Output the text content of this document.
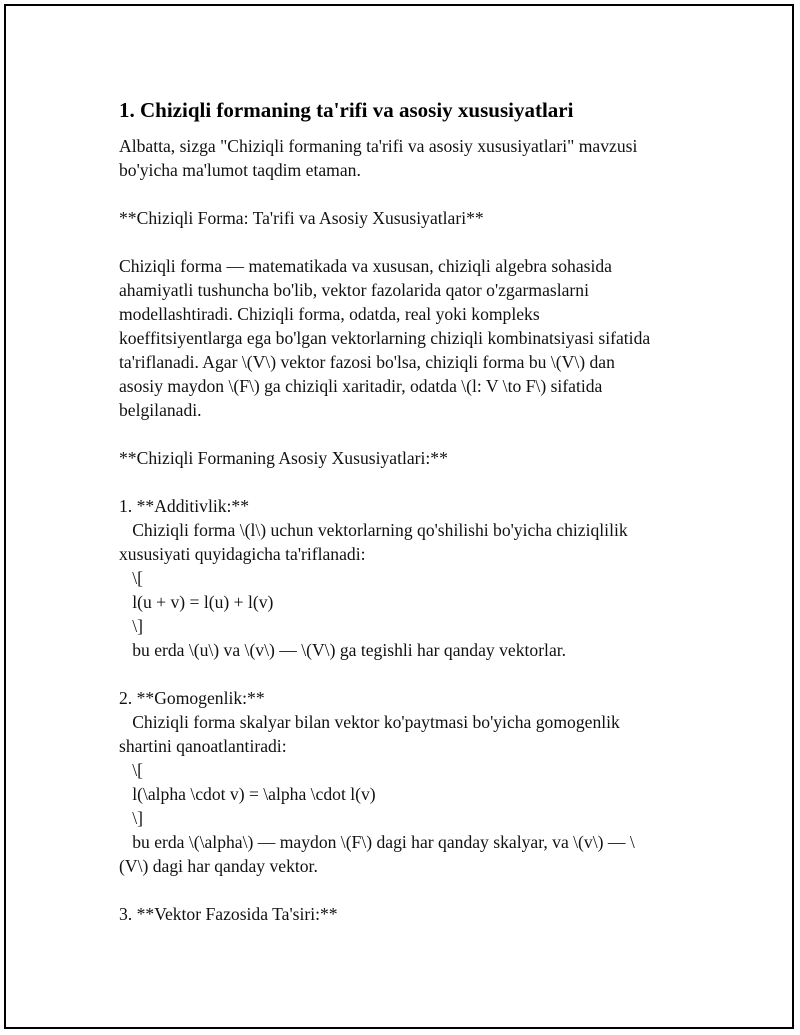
1. Chiziqli formaning ta'rifi va asosiy xususiyatlari
Albatta, sizga "Chiziqli formaning ta'rifi va asosiy xususiyatlari" mavzusi
bo'yicha ma'lumot taqdim etaman.
**Chiziqli Forma: Ta'rifi va Asosiy Xususiyatlari**
Chiziqli forma — matematikada va xususan, chiziqli algebra sohasida
ahamiyatli tushuncha bo'lib, vektor fazolarida qator o'zgarmaslarni
modellashtiradi. Chiziqli forma, odatda, real yoki kompleks
koeffitsiyentlarga ega bo'lgan vektorlarning chiziqli kombinatsiyasi sifatida
ta'riflanadi. Agar \(V\) vektor fazosi bo'lsa, chiziqli forma bu \(V\) dan
asosiy maydon \(F\) ga chiziqli xaritadir, odatda \(l: V \to F\) sifatida
belgilanadi.
**Chiziqli Formaning Asosiy Xususiyatlari:**
1. **Additivlik:**
Chiziqli forma \(l\) uchun vektorlarning qo'shilishi bo'yicha chiziqlilik
xususiyati quyidagicha ta'riflanadi:
\[
l(u + v) = l(u) + l(v)
\]
bu erda \(u\) va \(v\) — \(V\) ga tegishli har qanday vektorlar.
2. **Gomogenlik:**
Chiziqli forma skalyar bilan vektor ko'paytmasi bo'yicha gomogenlik
shartini qanoatlantiradi:
\[
l(\alpha \cdot v) = \alpha \cdot l(v)
\]
bu erda \(\alpha\) — maydon \(F\) dagi har qanday skalyar, va \(v\) — \
(V\) dagi har qanday vektor.
3. **Vektor Fazosida Ta'siri:**
